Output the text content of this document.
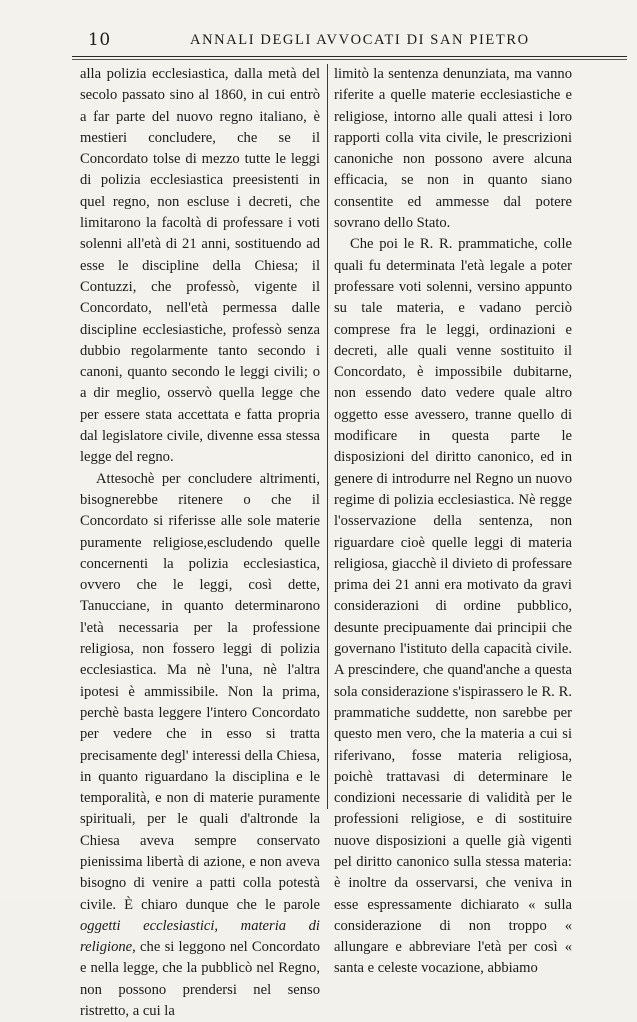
10	ANNALI DEGLI AVVOCATI DI SAN PIETRO

alla polizia ecclesiastica, dalla metà del secolo passato sino al 1860, in cui entrò a far parte del nuovo regno italiano, è mestieri concludere, che se il Concordato tolse di mezzo tutte le leggi di polizia ecclesiastica preesistenti in quel regno, non escluse i decreti, che limitarono la facoltà di professare i voti solenni all'età di 21 anni, sostituendo ad esse le discipline della Chiesa; il Contuzzi, che professò, vigente il Concordato, nell'età permessa dalle discipline ecclesiastiche, professò senza dubbio regolarmente tanto secondo i canoni, quanto secondo le leggi civili; o a dir meglio, osservò quella legge che per essere stata accettata e fatta propria dal legislatore civile, divenne essa stessa legge del regno.

Attesochè per concludere altrimenti, bisognerebbe ritenere o che il Concordato si riferisse alle sole materie puramente religiose,escludendo quelle concernenti la polizia ecclesiastica, ovvero che le leggi, così dette, Tanucciane, in quanto determinarono l'età necessaria per la professione religiosa, non fossero leggi di polizia ecclesiastica. Ma nè l'una, nè l'altra ipotesi è ammissibile. Non la prima, perchè basta leggere l'intero Concordato per vedere che in esso si tratta precisamente degl' interessi della Chiesa, in quanto riguardano la disciplina e le temporalità, e non di materie puramente spirituali, per le quali d'altronde la Chiesa aveva sempre conservato pienissima libertà di azione, e non aveva bisogno di venire a patti colla potestà civile. È chiaro dunque che le parole oggetti ecclesiastici, materia di religione, che si leggono nel Concordato e nella legge, che la pubblicò nel Regno, non possono prendersi nel senso ristretto, a cui la

limitò la sentenza denunziata, ma vanno riferite a quelle materie ecclesiastiche e religiose, intorno alle quali attesi i loro rapporti colla vita civile, le prescrizioni canoniche non possono avere alcuna efficacia, se non in quanto siano consentite ed ammesse dal potere sovrano dello Stato.

Che poi le R. R. prammatiche, colle quali fu determinata l'età legale a poter professare voti solenni, versino appunto su tale materia, e vadano perciò comprese fra le leggi, ordinazioni e decreti, alle quali venne sostituito il Concordato, è impossibile dubitarne, non essendo dato vedere quale altro oggetto esse avessero, tranne quello di modificare in questa parte le disposizioni del diritto canonico, ed in genere di introdurre nel Regno un nuovo regime di polizia ecclesiastica. Nè regge l'osservazione della sentenza, non riguardare cioè quelle leggi di materia religiosa, giacchè il divieto di professare prima dei 21 anni era motivato da gravi considerazioni di ordine pubblico, desunte precipuamente dai principii che governano l'istituto della capacità civile. A prescindere, che quand'anche a questa sola considerazione s'ispirassero le R. R. prammatiche suddette, non sarebbe per questo men vero, che la materia a cui si riferivano, fosse materia religiosa, poichè trattavasi di determinare le condizioni necessarie di validità per le professioni religiose, e di sostituire nuove disposizioni a quelle già vigenti pel diritto canonico sulla stessa materia: è inoltre da osservarsi, che veniva in esse espressamente dichiarato « sulla considerazione di non troppo « allungare e abbreviare l'età per così « santa e celeste vocazione, abbiamo
